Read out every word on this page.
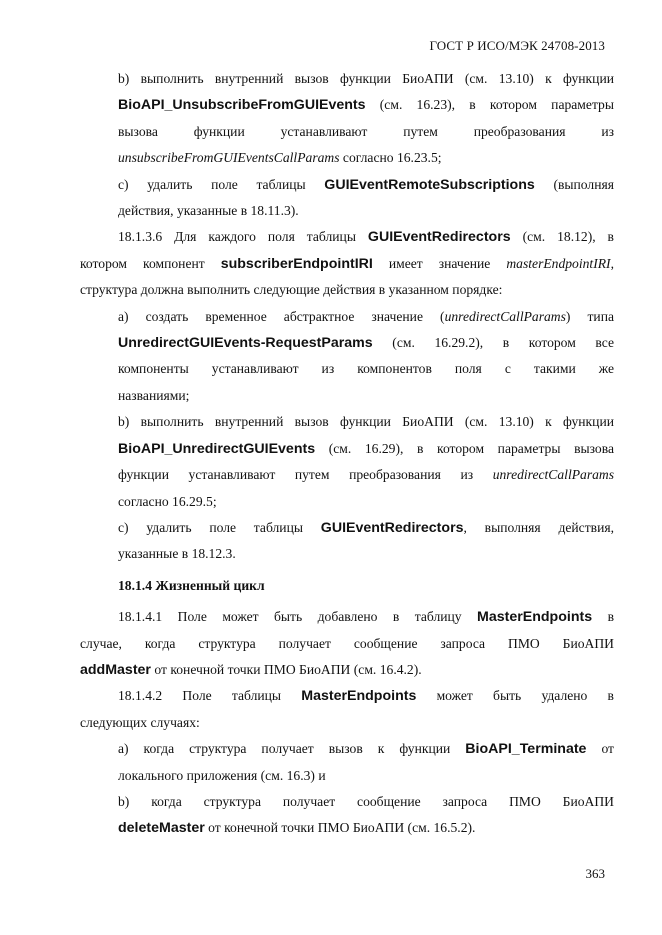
ГОСТ Р ИСО/МЭК 24708-2013

b) выполнить внутренний вызов функции БиоАПИ (см. 13.10) к функции

BioAPI_UnsubscribeFromGUIEvents (см. 16.23), в котором параметры

вызова функции устанавливают путем преобразования из

unsubscribeFromGUIEventsCallParams согласно 16.23.5;

c) удалить поле таблицы GUIEventRemoteSubscriptions (выполняя

действия, указанные в 18.11.3).

18.1.3.6 Для каждого поля таблицы GUIEventRedirectors (см. 18.12), в

котором компонент subscriberEndpointIRI имеет значение masterEndpointIRI,

структура должна выполнить следующие действия в указанном порядке:

a) создать временное абстрактное значение (unredirectCallParams) типа

UnredirectGUIEvents-RequestParams (см. 16.29.2), в котором все

компоненты устанавливают из компонентов поля с такими же

названиями;

b) выполнить внутренний вызов функции БиоАПИ (см. 13.10) к функции

BioAPI_UnredirectGUIEvents (см. 16.29), в котором параметры вызова

функции устанавливают путем преобразования из unredirectCallParams

согласно 16.29.5;

c) удалить поле таблицы GUIEventRedirectors, выполняя действия,

указанные в 18.12.3.

18.1.4 Жизненный цикл

18.1.4.1 Поле может быть добавлено в таблицу MasterEndpoints в

случае, когда структура получает сообщение запроса ПМО БиоАПИ

addMaster от конечной точки ПМО БиоАПИ (см. 16.4.2).

18.1.4.2 Поле таблицы MasterEndpoints может быть удалено в

следующих случаях:

a) когда структура получает вызов к функции BioAPI_Terminate от

локального приложения (см. 16.3) и

b) когда структура получает сообщение запроса ПМО БиоАПИ

deleteMaster от конечной точки ПМО БиоАПИ (см. 16.5.2).

363
